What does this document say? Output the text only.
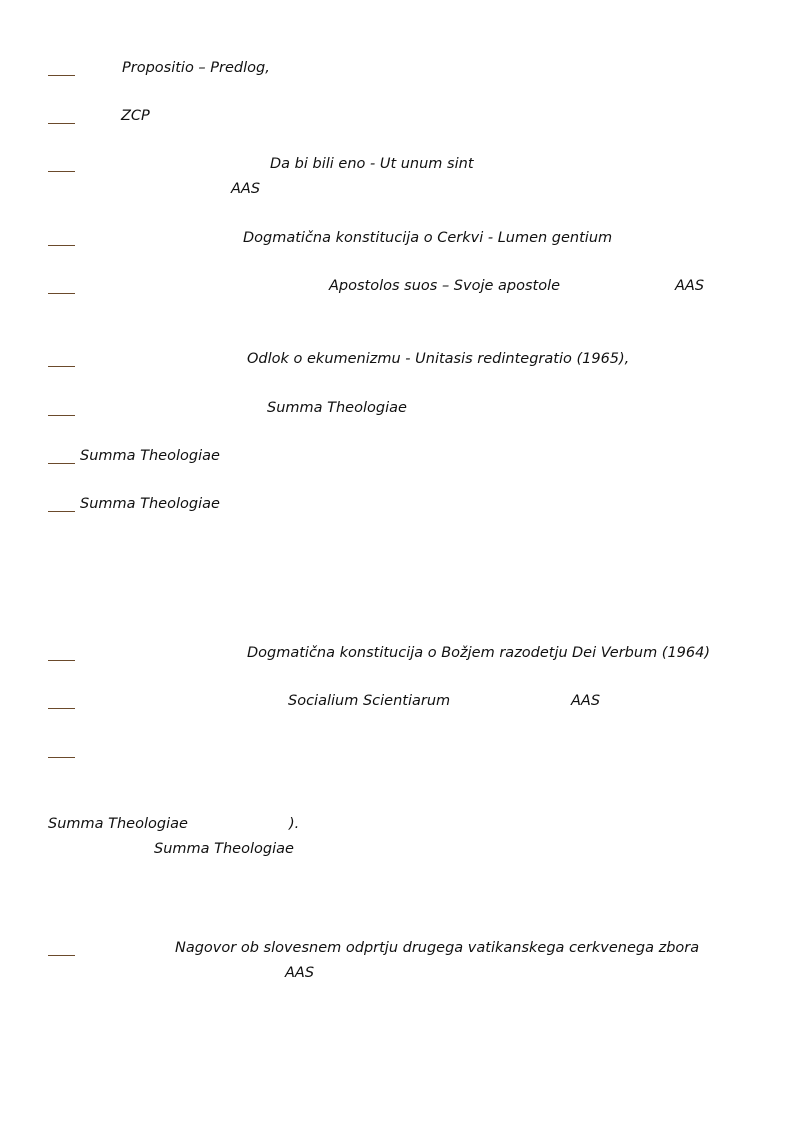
Propositio – Predlog,
ZCP
Da bi bili eno - Ut unum sint
AAS
Dogmatična konstitucija o Cerkvi - Lumen gentium
Apostolos suos – Svoje apostole	AAS
Odlok o ekumenizmu - Unitasis redintegratio (1965),
Summa Theologiae
Summa Theologiae
Summa Theologiae
Dogmatična konstitucija o Božjem razodetju Dei Verbum (1964)
Socialium Scientiarum	AAS
Summa Theologiae	).
Summa Theologiae
Nagovor ob slovesnem odprtju drugega vatikanskega cerkvenega zbora
AAS
